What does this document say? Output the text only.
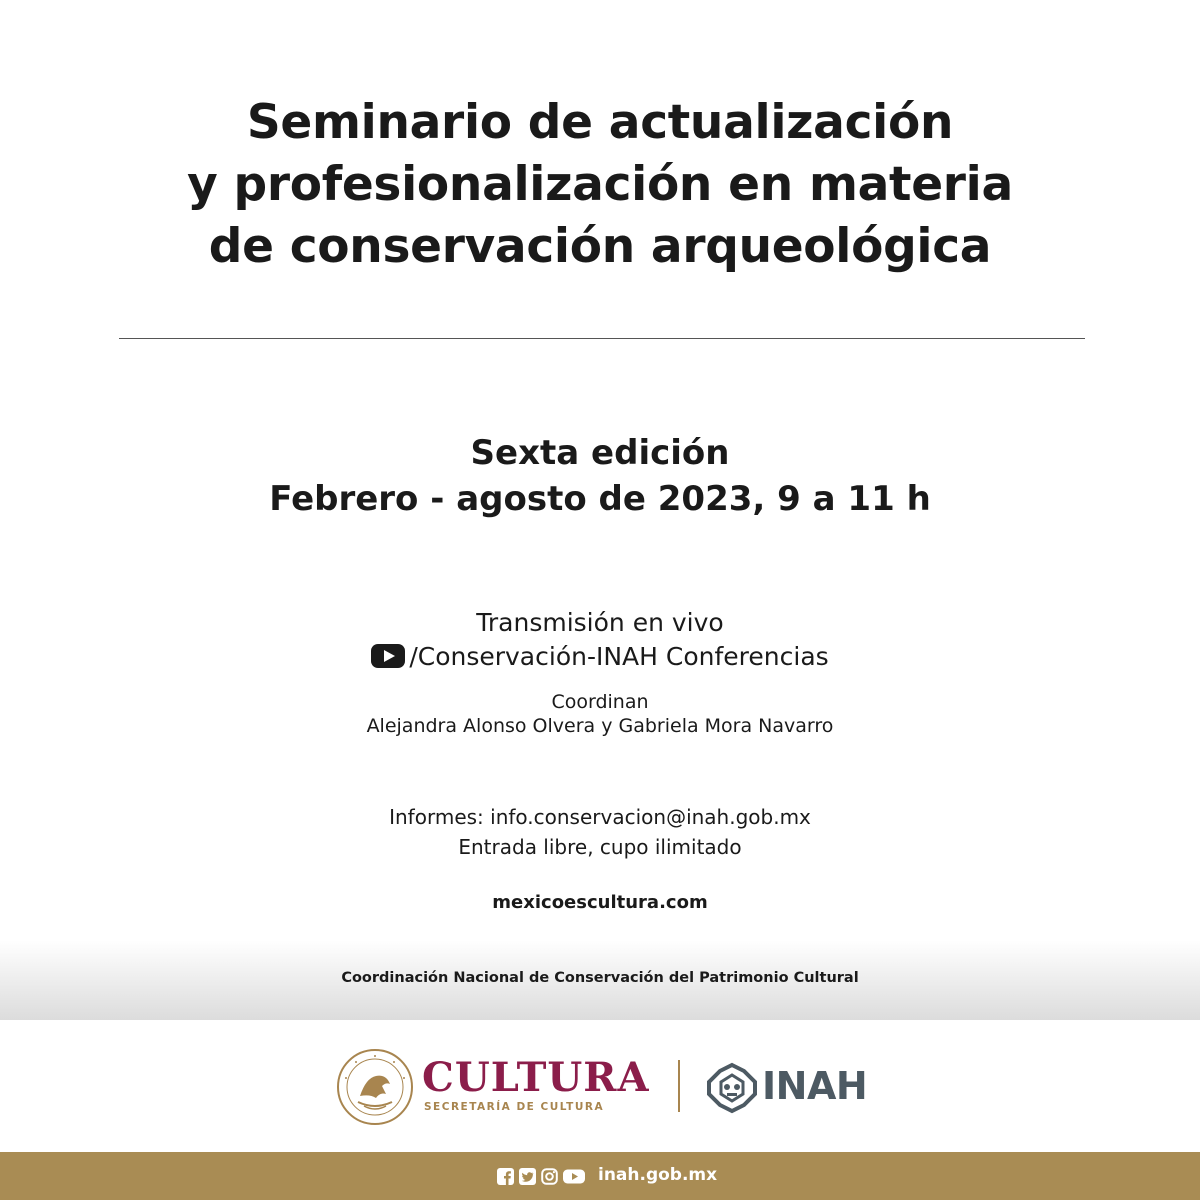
Seminario de actualización
y profesionalización en materia
de conservación arqueológica
Sexta edición
Febrero - agosto de 2023, 9 a 11 h
Transmisión en vivo
/Conservación-INAH Conferencias
Coordinan
Alejandra Alonso Olvera y Gabriela Mora Navarro
Informes: info.conservacion@inah.gob.mx
Entrada libre, cupo ilimitado
mexicoescultura.com
Coordinación Nacional de Conservación del Patrimonio Cultural
CULTURA
SECRETARÍA DE CULTURA	INAH
inah.gob.mx
